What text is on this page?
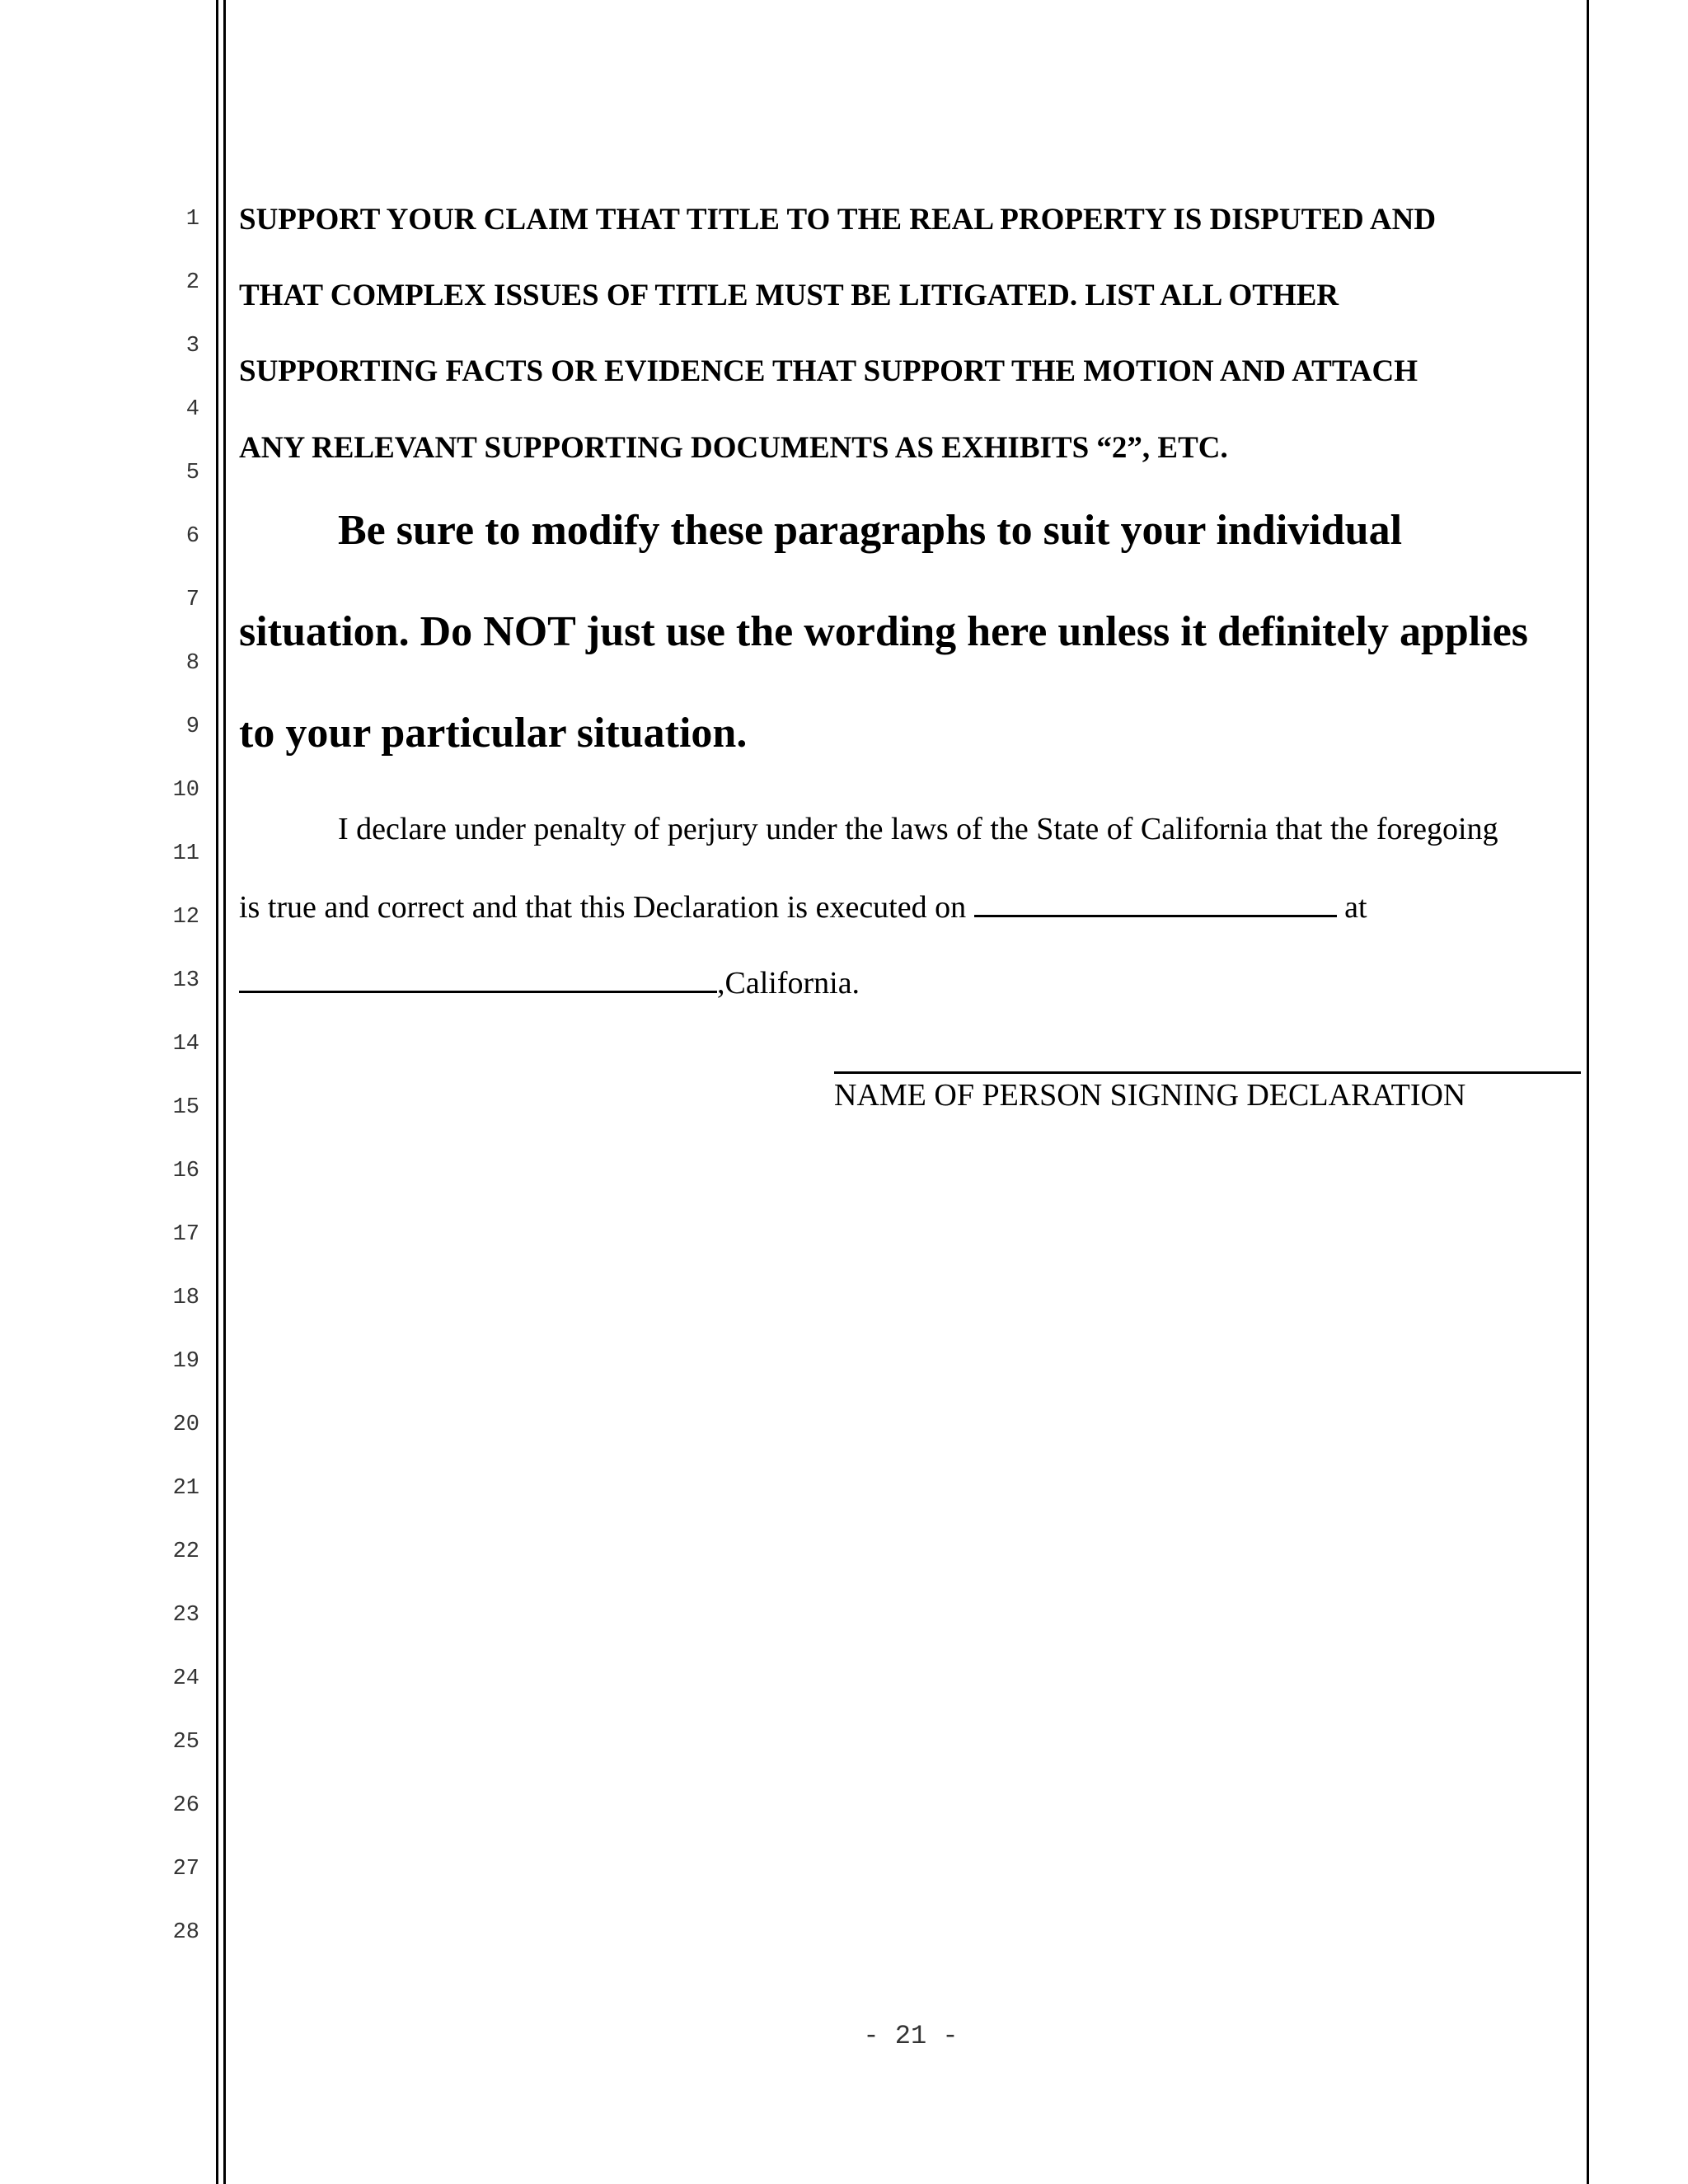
1
2
3
4
5
6
7
8
9
10
11
12
13
14
15
16
17
18
19
20
21
22
23
24
25
26
27
28
SUPPORT YOUR CLAIM THAT TITLE TO THE REAL PROPERTY IS DISPUTED AND
THAT COMPLEX ISSUES OF TITLE MUST BE LITIGATED. LIST ALL OTHER
SUPPORTING FACTS OR EVIDENCE THAT SUPPORT THE MOTION AND ATTACH
ANY RELEVANT SUPPORTING DOCUMENTS AS EXHIBITS “2”, ETC.
Be sure to modify these paragraphs to suit your individual
situation. Do NOT just use the wording here unless it definitely applies
to your particular situation.
I declare under penalty of perjury under the laws of the State of California that the foregoing
is true and correct and that this Declaration is executed on	at
,California.
NAME OF PERSON SIGNING DECLARATION
- 21 -
